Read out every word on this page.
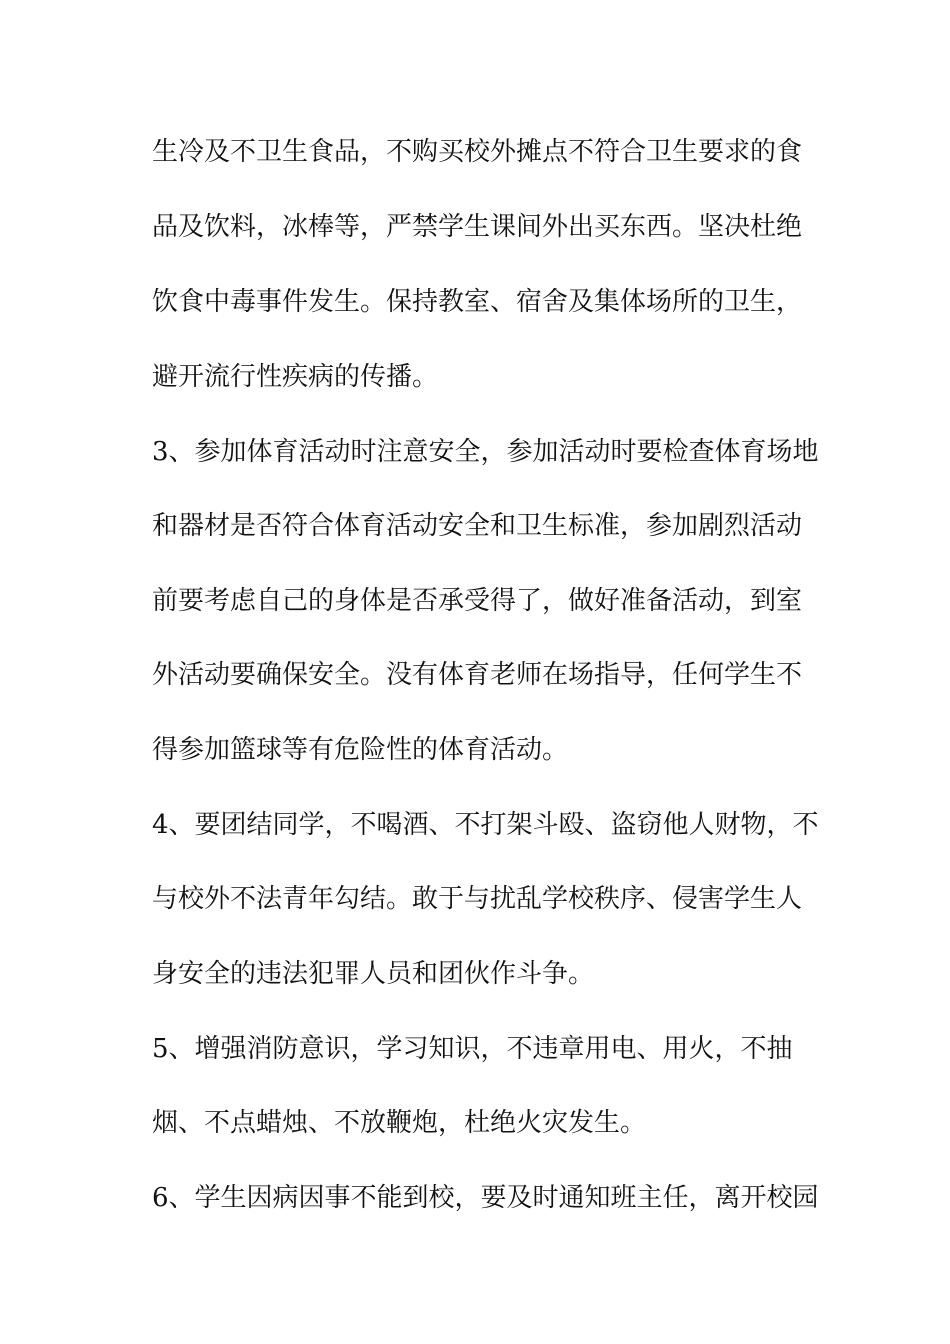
生冷及不卫生食品，不购买校外摊点不符合卫生要求的食

品及饮料，冰棒等，严禁学生课间外出买东西。坚决杜绝

饮食中毒事件发生。保持教室、宿舍及集体场所的卫生，

避开流行性疾病的传播。

3、参加体育活动时注意安全，参加活动时要检查体育场地

和器材是否符合体育活动安全和卫生标准，参加剧烈活动

前要考虑自己的身体是否承受得了，做好准备活动，到室

外活动要确保安全。没有体育老师在场指导，任何学生不

得参加篮球等有危险性的体育活动。

4、要团结同学，不喝酒、不打架斗殴、盗窃他人财物，不

与校外不法青年勾结。敢于与扰乱学校秩序、侵害学生人

身安全的违法犯罪人员和团伙作斗争。

5、增强消防意识，学习知识，不违章用电、用火，不抽

烟、不点蜡烛、不放鞭炮，杜绝火灾发生。

6、学生因病因事不能到校，要及时通知班主任，离开校园
